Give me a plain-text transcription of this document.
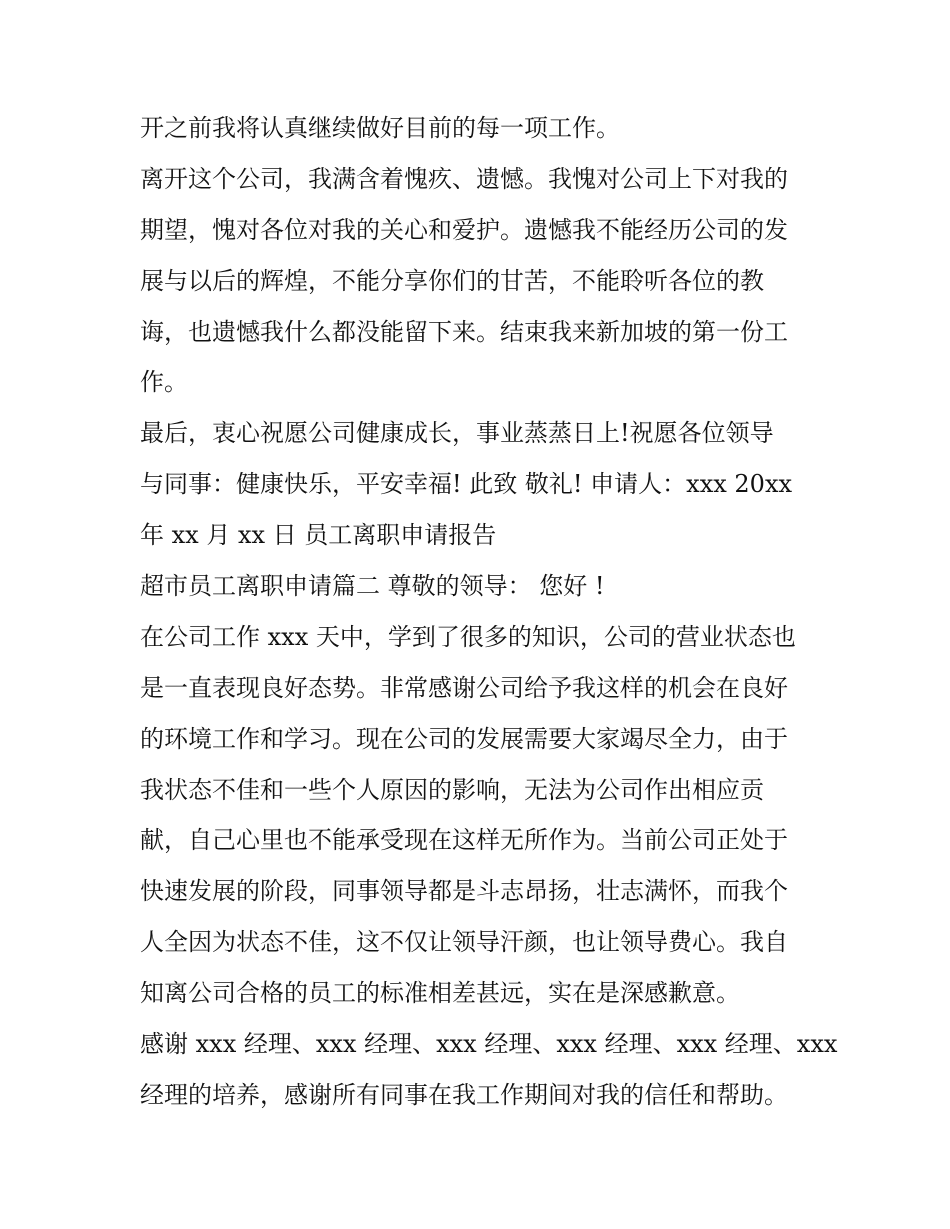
开之前我将认真继续做好目前的每一项工作。
离开这个公司，我满含着愧疚、遗憾。我愧对公司上下对我的
期望，愧对各位对我的关心和爱护。遗憾我不能经历公司的发
展与以后的辉煌，不能分享你们的甘苦，不能聆听各位的教
诲，也遗憾我什么都没能留下来。结束我来新加坡的第一份工
作。
最后，衷心祝愿公司健康成长，事业蒸蒸日上!祝愿各位领导
与同事：健康快乐，平安幸福! 此致 敬礼! 申请人：xxx 20xx
年 xx 月 xx 日 员工离职申请报告
超市员工离职申请篇二 尊敬的领导： 您好 !
在公司工作 xxx 天中，学到了很多的知识，公司的营业状态也
是一直表现良好态势。非常感谢公司给予我这样的机会在良好
的环境工作和学习。现在公司的发展需要大家竭尽全力，由于
我状态不佳和一些个人原因的影响，无法为公司作出相应贡
献，自己心里也不能承受现在这样无所作为。当前公司正处于
快速发展的阶段，同事领导都是斗志昂扬，壮志满怀，而我个
人全因为状态不佳，这不仅让领导汗颜，也让领导费心。我自
知离公司合格的员工的标准相差甚远，实在是深感歉意。
感谢 xxx 经理、xxx 经理、xxx 经理、xxx 经理、xxx 经理、xxx
经理的培养，感谢所有同事在我工作期间对我的信任和帮助。
